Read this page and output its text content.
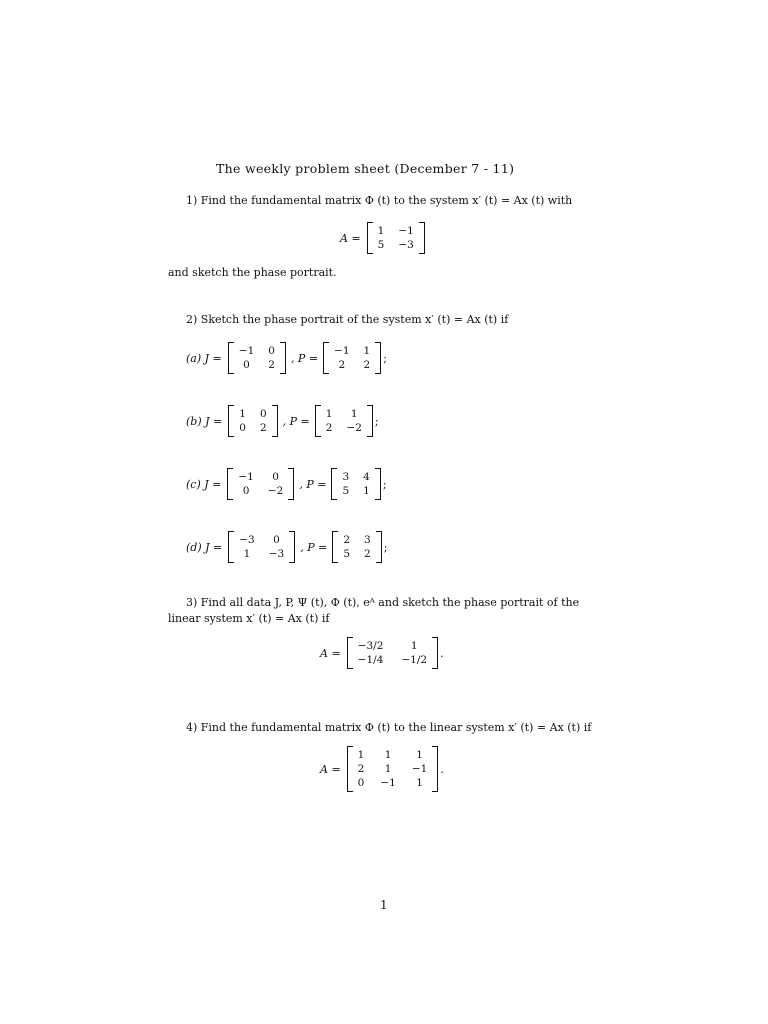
The weekly problem sheet (December 7 - 11)
1) Find the fundamental matrix Φ (t) to the system x′ (t) = Ax (t) with
A =
1 −1
5 −3
and sketch the phase portrait.
2) Sketch the phase portrait of the system x′ (t) = Ax (t) if
(a) J =
−1 0
0	2
, P =
−1 1
2	2
;
(b) J =
1 0
0 2
, P =
1	1
2 −2
;
(c) J =
−1	0
0	−2
, P =
3 4
5 1
;
(d) J =
−3	0
1	−3
, P =
2 3
5 2
;
3) Find all data J, P, Ψ (t), Φ (t), eᴬ and sketch the phase portrait of the
linear system x′ (t) = Ax (t) if
A =
−3/2	1
−1/4 −1/2
.
4) Find the fundamental matrix Φ (t) to the linear system x′ (t) = Ax (t) if
A =
1	1	1
2	1	−1
0 −1	1
.
1
